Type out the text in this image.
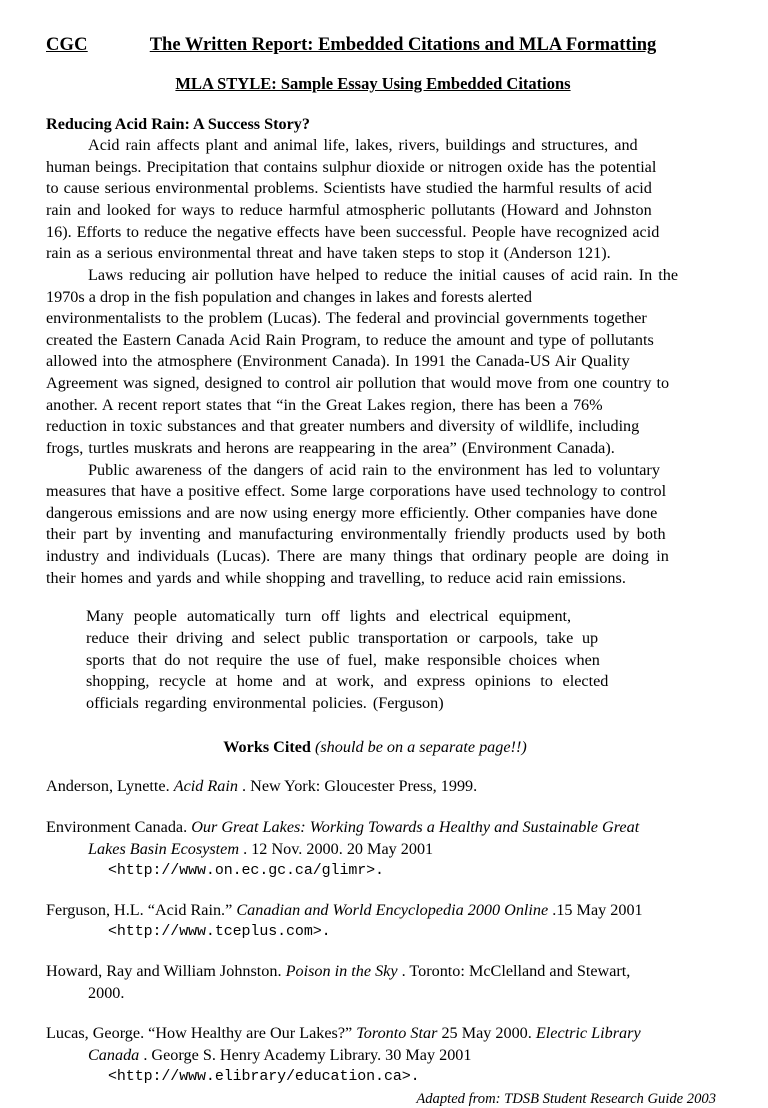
CGC	The Written Report: Embedded Citations and MLA Formatting
MLA STYLE: Sample Essay Using Embedded Citations
Reducing Acid Rain: A Success Story?
Acid rain affects plant and animal life, lakes, rivers, buildings and structures, and
human beings. Precipitation that contains sulphur dioxide or nitrogen oxide has the potential
to cause serious environmental problems. Scientists have studied the harmful results of acid
rain and looked for ways to reduce harmful atmospheric pollutants (Howard and Johnston
16). Efforts to reduce the negative effects have been successful. People have recognized acid
rain as a serious environmental threat and have taken steps to stop it (Anderson 121).
Laws reducing air pollution have helped to reduce the initial causes of acid rain. In the
1970s a drop in the fish population and changes in lakes and forests alerted
environmentalists to the problem (Lucas). The federal and provincial governments together
created the Eastern Canada Acid Rain Program, to reduce the amount and type of pollutants
allowed into the atmosphere (Environment Canada). In 1991 the Canada-US Air Quality
Agreement was signed, designed to control air pollution that would move from one country to
another. A recent report states that “in the Great Lakes region, there has been a 76%
reduction in toxic substances and that greater numbers and diversity of wildlife, including
frogs, turtles muskrats and herons are reappearing in the area” (Environment Canada).
Public awareness of the dangers of acid rain to the environment has led to voluntary
measures that have a positive effect. Some large corporations have used technology to control
dangerous emissions and are now using energy more efficiently. Other companies have done
their part by inventing and manufacturing environmentally friendly products used by both
industry and individuals (Lucas). There are many things that ordinary people are doing in
their homes and yards and while shopping and travelling, to reduce acid rain emissions.
Many people automatically turn off lights and electrical equipment,
reduce their driving and select public transportation or carpools, take up
sports that do not require the use of fuel, make responsible choices when
shopping, recycle at home and at work, and express opinions to elected
officials regarding environmental policies. (Ferguson)
Works Cited (should be on a separate page!!)
Anderson, Lynette. Acid Rain . New York: Gloucester Press, 1999.
Environment Canada. Our Great Lakes: Working Towards a Healthy and Sustainable Great
Lakes Basin Ecosystem . 12 Nov. 2000. 20 May 2001
<http://www.on.ec.gc.ca/glimr>.
Ferguson, H.L. “Acid Rain.” Canadian and World Encyclopedia 2000 Online .15 May 2001
<http://www.tceplus.com>.
Howard, Ray and William Johnston. Poison in the Sky . Toronto: McClelland and Stewart,
2000.
Lucas, George. “How Healthy are Our Lakes?” Toronto Star 25 May 2000. Electric Library
Canada . George S. Henry Academy Library. 30 May 2001
<http://www.elibrary/education.ca>.
Adapted from: TDSB Student Research Guide 2003
